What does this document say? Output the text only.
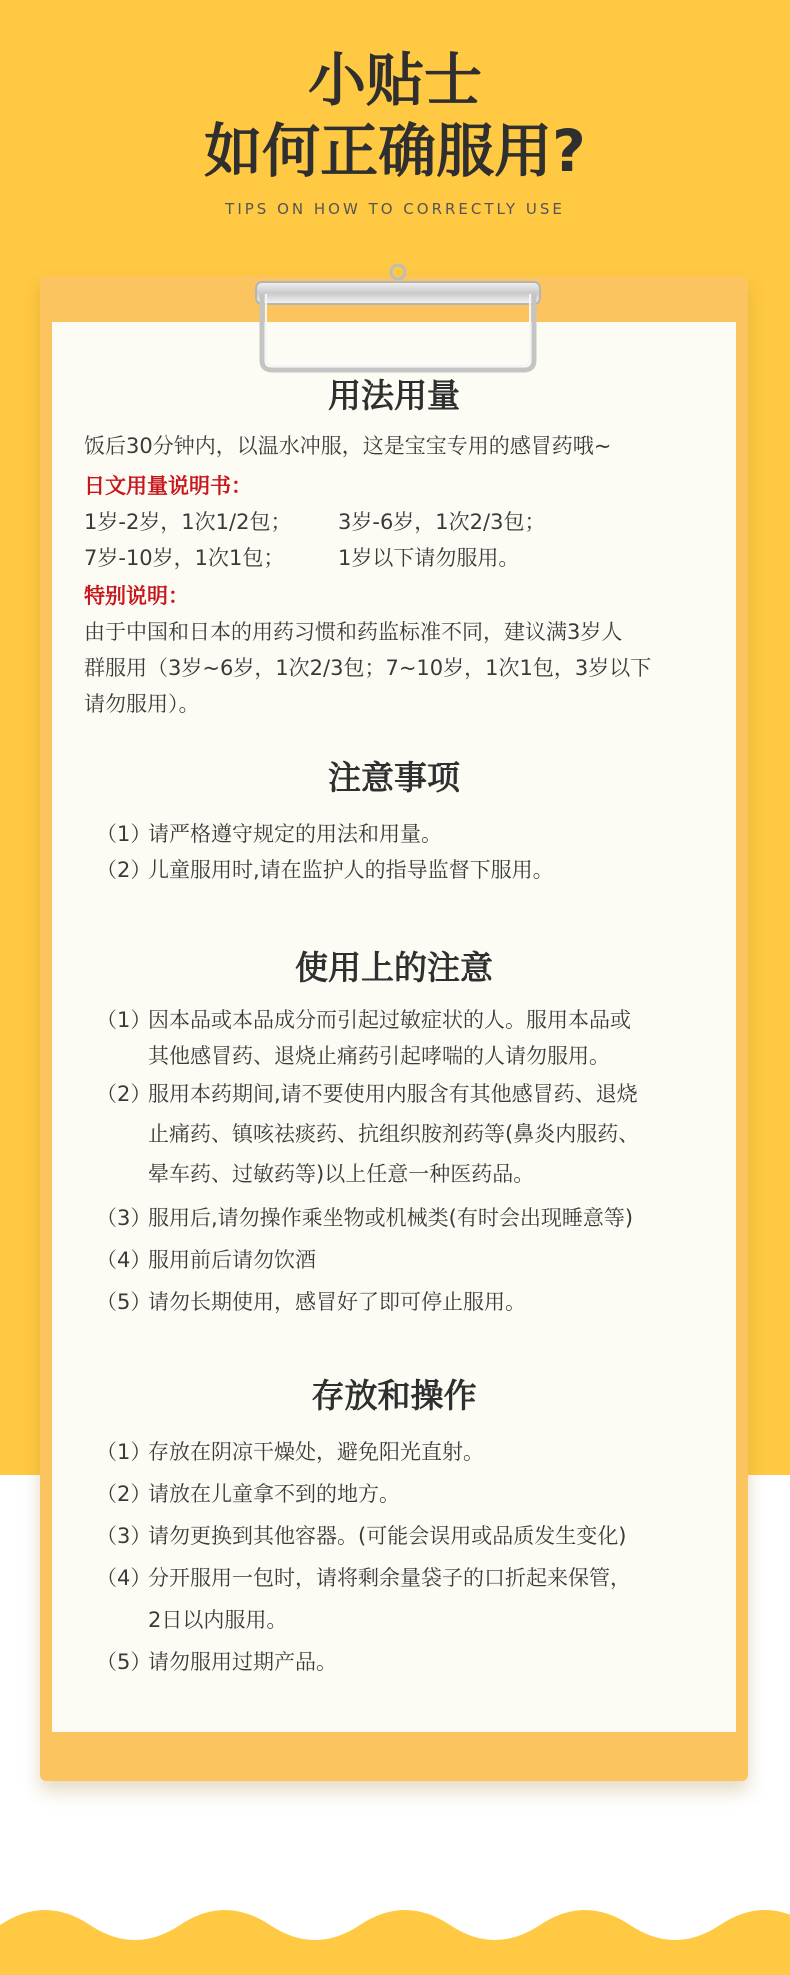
小贴士
如何正确服用?
TIPS ON HOW TO CORRECTLY USE
用法用量
饭后30分钟内，以温水冲服，这是宝宝专用的感冒药哦~
日文用量说明书：
1岁-2岁，1次1/2包； 3岁-6岁，1次2/3包；
7岁-10岁，1次1包；	1岁以下请勿服用。
特别说明：
由于中国和日本的用药习惯和药监标准不同，建议满3岁人
群服用（3岁~6岁，1次2/3包；7~10岁，1次1包，3岁以下
请勿服用）。
注意事项
（1）
请严格遵守规定的用法和用量。
（2）
儿童服用时,请在监护人的指导监督下服用。
使用上的注意
（1）
因本品或本品成分而引起过敏症状的人。服用本品或
其他感冒药、退烧止痛药引起哮喘的人请勿服用。
（2）
服用本药期间,请不要使用内服含有其他感冒药、退烧
止痛药、镇咳祛痰药、抗组织胺剂药等(鼻炎内服药、
晕车药、过敏药等)以上任意一种医药品。
（3）
服用后,请勿操作乘坐物或机械类(有时会出现睡意等)
（4）
服用前后请勿饮酒
（5）
请勿长期使用，感冒好了即可停止服用。
存放和操作
（1）
存放在阴凉干燥处，避免阳光直射。
（2）
请放在儿童拿不到的地方。
（3）
请勿更换到其他容器。(可能会误用或品质发生变化)
（4）
分开服用一包时，请将剩余量袋子的口折起来保管，
2日以内服用。
（5）
请勿服用过期产品。
